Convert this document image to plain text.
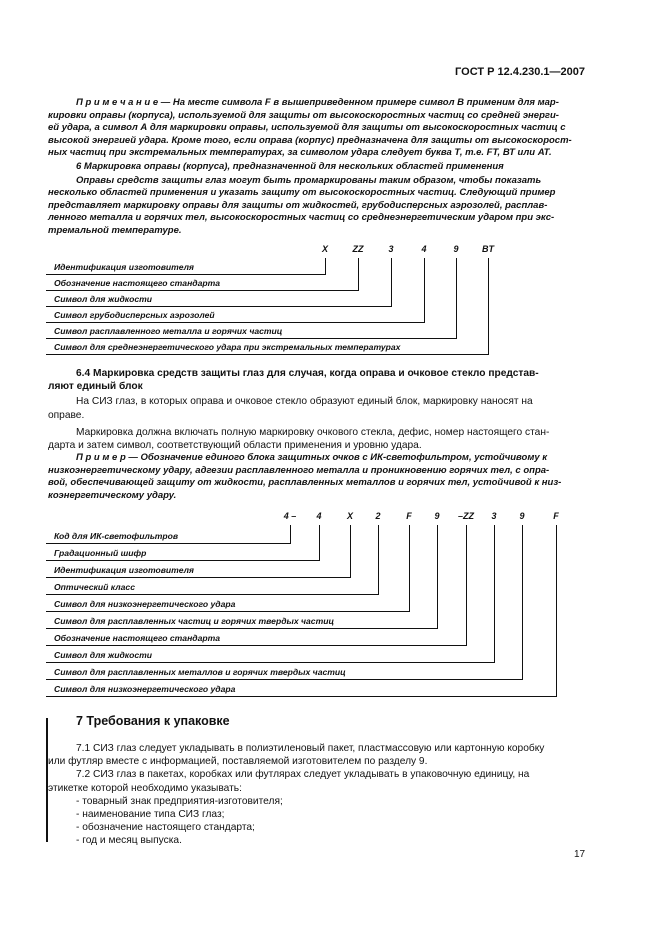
ГОСТ Р 12.4.230.1—2007
П р и м е ч а н и е — На месте символа F в вышеприведенном примере символ В применим для мар-
кировки оправы (корпуса), используемой для защиты от высокоскоростных частиц со средней энерги-
ей удара, а символ А для маркировки оправы, используемой для защиты от высокоскоростных частиц с
высокой энергией удара. Кроме того, если оправа (корпус) предназначена для защиты от высокоскорост-
ных частиц при экстремальных температурах, за символом удара следует буква Т, т.е. FT, ВТ или АТ.
6 Маркировка оправы (корпуса), предназначенной для нескольких областей применения
Оправы средств защиты глаз могут быть промаркированы таким образом, чтобы показать
несколько областей применения и указать защиту от высокоскоростных частиц. Следующий пример
представляет маркировку оправы для защиты от жидкостей, грубодисперсных аэрозолей, расплав-
ленного металла и горячих тел, высокоскоростных частиц со среднеэнергетическим ударом при экс-
тремальной температуре.
X	ZZ	3	4	9	BT
Идентификация изготовителя
Обозначение настоящего стандарта
Символ для жидкости
Символ грубодисперсных аэрозолей
Символ расплавленного металла и горячих частиц
Символ для среднеэнергетического удара при экстремальных температурах
6.4 Маркировка средств защиты глаз для случая, когда оправа и очковое стекло представ-
ляют единый блок
На СИЗ глаз, в которых оправа и очковое стекло образуют единый блок, маркировку наносят на
оправе.
Маркировка должна включать полную маркировку очкового стекла, дефис, номер настоящего стан-
дарта и затем символ, соответствующий области применения и уровню удара.
П р и м е р — Обозначение единого блока защитных очков с ИК-светофильтром, устойчивому к
низкоэнергетическому удару, адгезии расплавленного металла и проникновению горячих тел, с опра-
вой, обеспечивающей защиту от жидкости, расплавленных металлов и горячих тел, устойчивой к низ-
коэнергетическому удару.
4 –	4	X	2	F	9	–ZZ	3	9	F
Код для ИК-светофильтров
Градационный шифр
Идентификация изготовителя
Оптический класс
Символ для низкоэнергетического удара
Символ для расплавленных частиц и горячих твердых частиц
Обозначение настоящего стандарта
Символ для жидкости
Символ для расплавленных металлов и горячих твердых частиц
Символ для низкоэнергетического удара
7 Требования к упаковке
7.1 СИЗ глаз следует укладывать в полиэтиленовый пакет, пластмассовую или картонную коробку
или футляр вместе с информацией, поставляемой изготовителем по разделу 9.
7.2 СИЗ глаз в пакетах, коробках или футлярах следует укладывать в упаковочную единицу, на
этикетке которой необходимо указывать:
- товарный знак предприятия-изготовителя;
- наименование типа СИЗ глаз;
- обозначение настоящего стандарта;
- год и месяц выпуска.
17
